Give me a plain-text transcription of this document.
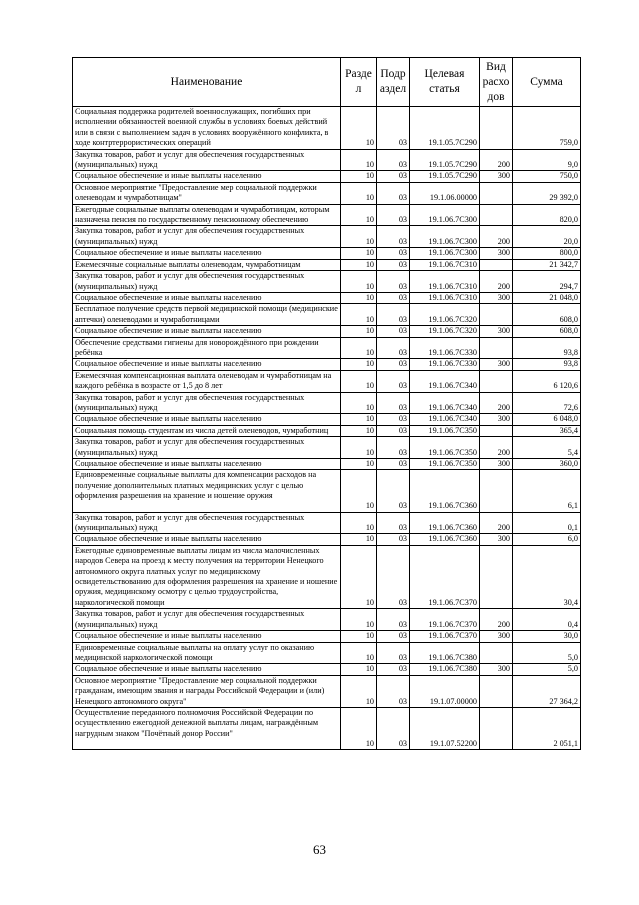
Наименование	Разде л	Подр аздел	Целевая статья	Вид расхо дов	Сумма
Социальная поддержка родителей военнослужащих, погибших при исполнении обязанностей военной службы в условиях боевых действий или в связи с выполнением задач в условиях вооружённого конфликта, в ходе контртеррористических операций	10	03	19.1.05.7С290		759,0
Закупка товаров, работ и услуг для обеспечения государственных (муниципальных) нужд	10	03	19.1.05.7С290	200	9,0
Социальное обеспечение и иные выплаты населению	10	03	19.1.05.7С290	300	750,0
Основное мероприятие "Предоставление мер социальной поддержки оленеводам и чумработницам"	10	03	19.1.06.00000		29 392,0
Ежегодные социальные выплаты оленеводам и чумработницам, которым назначена пенсия по государственному пенсионному обеспечению	10	03	19.1.06.7С300		820,0
Закупка товаров, работ и услуг для обеспечения государственных (муниципальных) нужд	10	03	19.1.06.7С300	200	20,0
Социальное обеспечение и иные выплаты населению	10	03	19.1.06.7С300	300	800,0
Ежемесячные социальные выплаты оленеводам, чумработницам	10	03	19.1.06.7С310		21 342,7
Закупка товаров, работ и услуг для обеспечения государственных (муниципальных) нужд	10	03	19.1.06.7С310	200	294,7
Социальное обеспечение и иные выплаты населению	10	03	19.1.06.7С310	300	21 048,0
Бесплатное получение средств первой медицинской помощи (медицинские аптечки) оленеводами и чумработницами	10	03	19.1.06.7С320		608,0
Социальное обеспечение и иные выплаты населению	10	03	19.1.06.7С320	300	608,0
Обеспечение средствами гигиены для новорождённого при рождении ребёнка	10	03	19.1.06.7С330		93,8
Социальное обеспечение и иные выплаты населению	10	03	19.1.06.7С330	300	93,8
Ежемесячная компенсационная выплата оленеводам и чумработницам на каждого ребёнка в возрасте от 1,5 до 8 лет	10	03	19.1.06.7С340		6 120,6
Закупка товаров, работ и услуг для обеспечения государственных (муниципальных) нужд	10	03	19.1.06.7С340	200	72,6
Социальное обеспечение и иные выплаты населению	10	03	19.1.06.7С340	300	6 048,0
Социальная помощь студентам из числа детей оленеводов, чумработниц	10	03	19.1.06.7С350		365,4
Закупка товаров, работ и услуг для обеспечения государственных (муниципальных) нужд	10	03	19.1.06.7С350	200	5,4
Социальное обеспечение и иные выплаты населению	10	03	19.1.06.7С350	300	360,0
Единовременные социальные выплаты для компенсации расходов на получение дополнительных платных медицинских услуг с целью оформления разрешения на хранение и ношение оружия	10	03	19.1.06.7С360		6,1
Закупка товаров, работ и услуг для обеспечения государственных (муниципальных) нужд	10	03	19.1.06.7С360	200	0,1
Социальное обеспечение и иные выплаты населению	10	03	19.1.06.7С360	300	6,0
Ежегодные единовременные выплаты лицам из числа малочисленных народов Севера на проезд к месту получения на территории Ненецкого автономного округа платных услуг по медицинскому освидетельствованию для оформления разрешения на хранение и ношение оружия, медицинскому осмотру с целью трудоустройства, наркологической помощи	10	03	19.1.06.7С370		30,4
Закупка товаров, работ и услуг для обеспечения государственных (муниципальных) нужд	10	03	19.1.06.7С370	200	0,4
Социальное обеспечение и иные выплаты населению	10	03	19.1.06.7С370	300	30,0
Единовременные социальные выплаты на оплату услуг по оказанию медицинской наркологической помощи	10	03	19.1.06.7С380		5,0
Социальное обеспечение и иные выплаты населению	10	03	19.1.06.7С380	300	5,0
Основное мероприятие "Предоставление мер социальной поддержки гражданам, имеющим звания и награды Российской Федерации и (или) Ненецкого автономного округа"	10	03	19.1.07.00000		27 364,2
Осуществление переданного полномочия Российской Федерации по осуществлению ежегодной денежной выплаты лицам, награждённым нагрудным знаком "Почётный донор России"	10	03	19.1.07.52200		2 051,1
63
